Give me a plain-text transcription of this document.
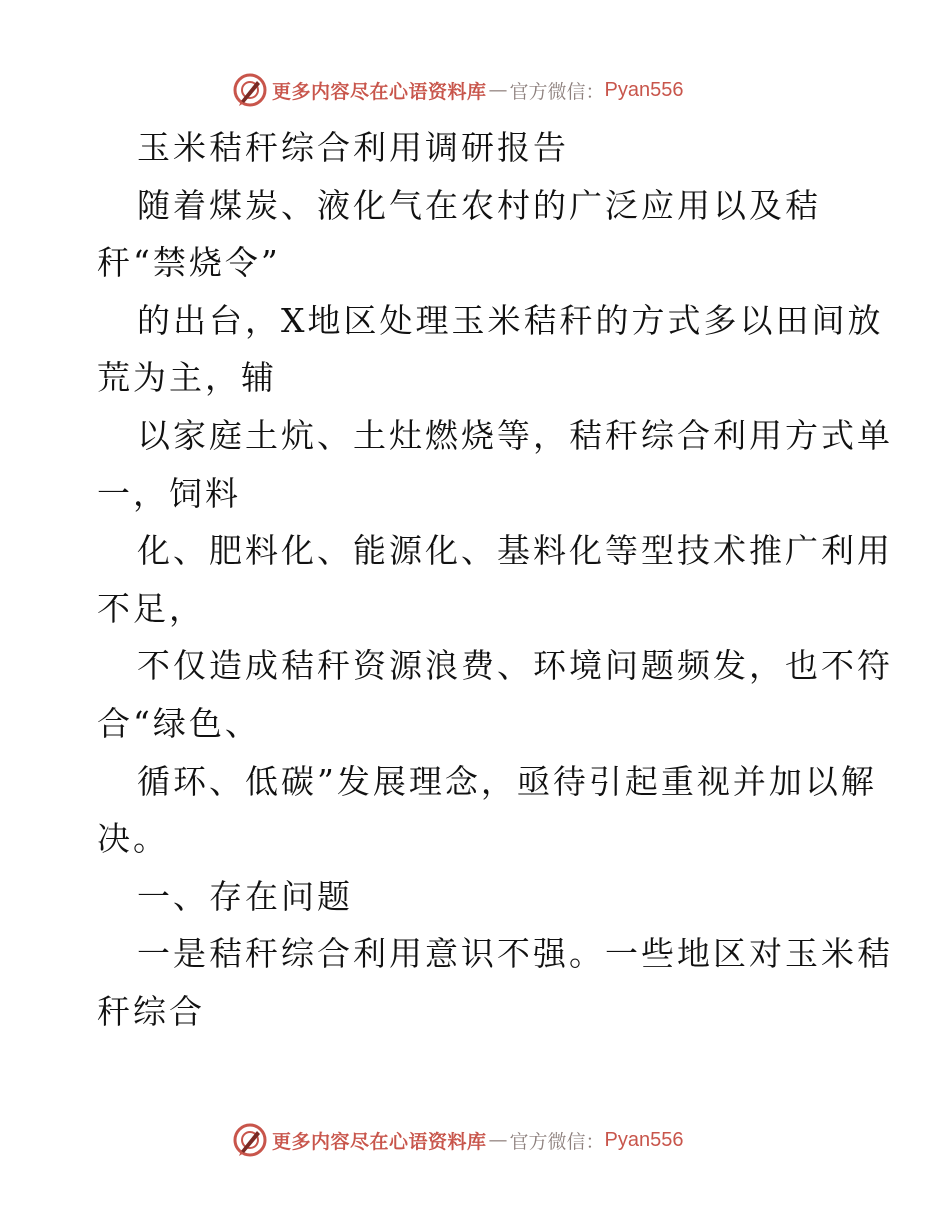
更多内容尽在心语资料库 — 官方微信： Pyan556
玉米秸秆综合利用调研报告
随着煤炭、液化气在农村的广泛应用以及秸
秆“禁烧令”
的出台，X地区处理玉米秸秆的方式多以田间放
荒为主，辅
以家庭土炕、土灶燃烧等，秸秆综合利用方式单
一，饲料
化、肥料化、能源化、基料化等型技术推广利用
不足，
不仅造成秸秆资源浪费、环境问题频发，也不符
合“绿色、
循环、低碳”发展理念，亟待引起重视并加以解
决。
一、存在问题
一是秸秆综合利用意识不强。一些地区对玉米秸
秆综合
更多内容尽在心语资料库 — 官方微信： Pyan556
